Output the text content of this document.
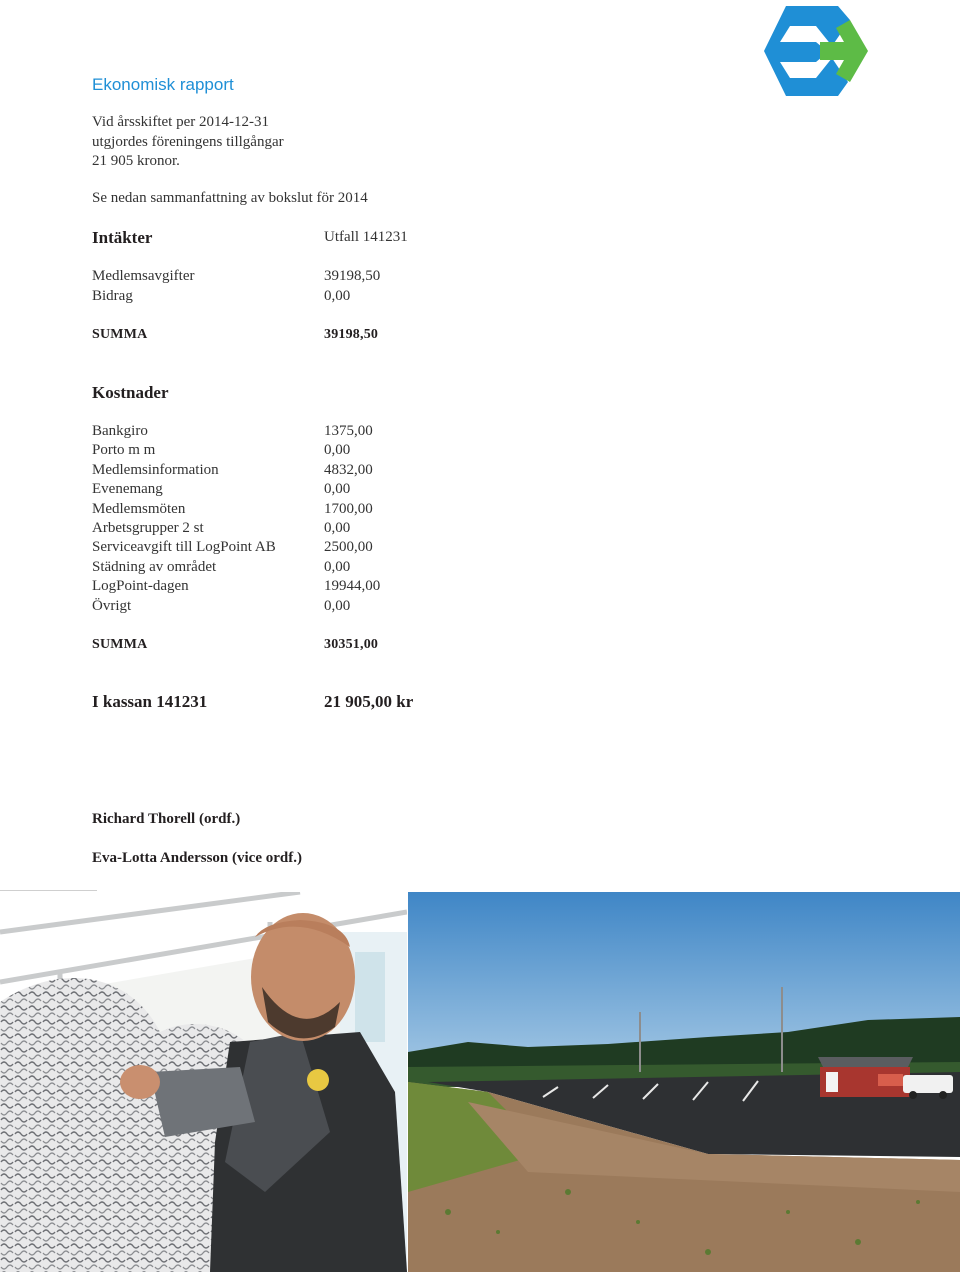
Ekonomisk rapport
Vid årsskiftet per 2014-12-31
utgjordes föreningens tillgångar
21 905 kronor.
Se nedan sammanfattning av bokslut för 2014
Intäkter	Utfall 141231
Medlemsavgifter	39198,50
Bidrag	0,00
SUMMA	39198,50
Kostnader
Bankgiro	1375,00
Porto m m	0,00
Medlemsinformation	4832,00
Evenemang	0,00
Medlemsmöten	1700,00
Arbetsgrupper 2 st	0,00
Serviceavgift till LogPoint AB	2500,00
Städning av området	0,00
LogPoint-dagen	19944,00
Övrigt	0,00
SUMMA	30351,00
I kassan 141231	21 905,00 kr
Richard Thorell (ordf.)
Eva-Lotta Andersson (vice ordf.)
